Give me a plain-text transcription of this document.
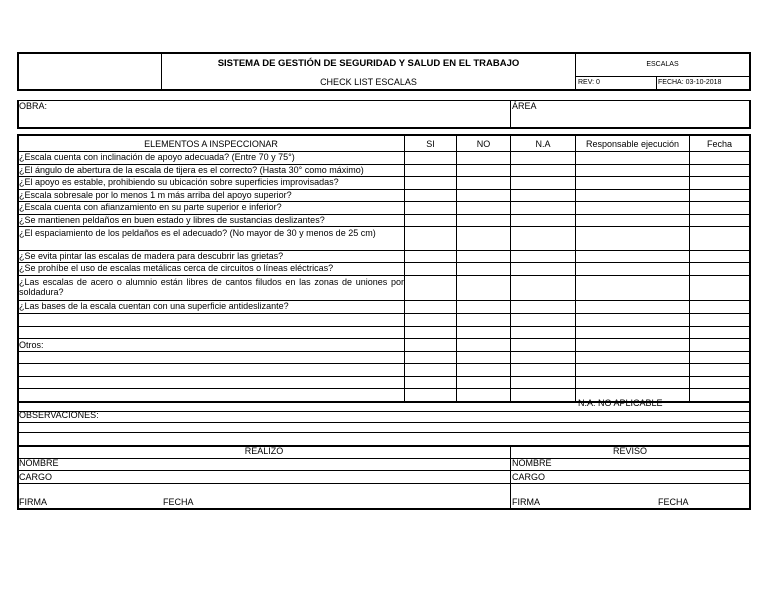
SISTEMA DE GESTIÓN DE SEGURIDAD Y SALUD EN EL TRABAJO
CHECK LIST ESCALAS
ESCALAS
REV: 0	FECHA: 03-10-2018
OBRA:	ÁREA
ELEMENTOS A INSPECCIONAR	SI	NO	N.A	Responsable ejecución	Fecha
¿Escala cuenta con inclinación de apoyo adecuada? (Entre 70 y 75°)
¿El ángulo de abertura de la escala de tijera es el correcto? (Hasta 30° como máximo)
¿El apoyo es estable, prohibiendo su ubicación sobre superficies improvisadas?
¿Escala sobresale por lo menos 1 m más arriba del apoyo superior?
¿Escala cuenta con afianzamiento en su parte superior e inferior?
¿Se mantienen peldaños en buen estado y libres de sustancias deslizantes?
¿El espaciamiento de los peldaños es el adecuado? (No mayor de 30 y menos de 25 cm)
¿Se evita pintar las escalas de madera para descubrir las grietas?
¿Se prohíbe el uso de escalas metálicas cerca de circuitos o líneas eléctricas?
¿Las escalas de acero o alumnio están libres de cantos filudos en las zonas de uniones por soldadura?
¿Las bases de la escala cuentan con una superficie antideslizante?
Otros:
N.A: NO APLICABLE
OBSERVACIONES:
REALIZÓ	REVISÓ
NOMBRE	NOMBRE
CARGO	CARGO
FIRMA	FECHA	FIRMA	FECHA
